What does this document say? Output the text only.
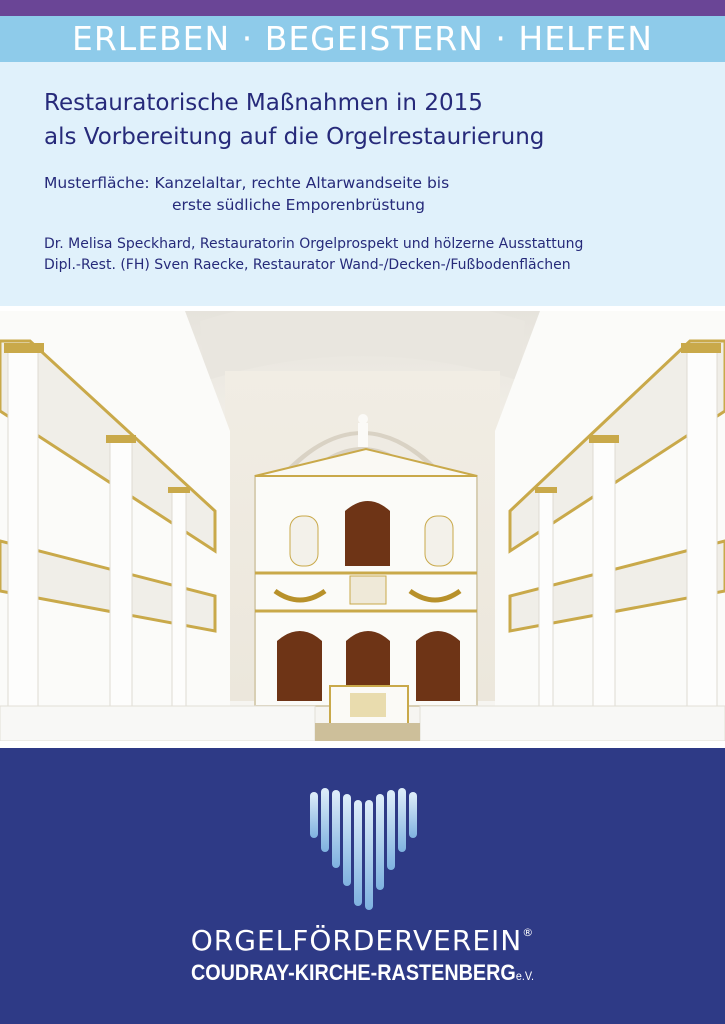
ERLEBEN · BEGEISTERN · HELFEN
Restauratorische Maßnahmen in 2015
als Vorbereitung auf die Orgelrestaurierung
Musterfläche: Kanzelaltar, rechte Altarwandseite bis
erste südliche Emporenbrüstung
Dr. Melisa Speckhard, Restauratorin Orgelprospekt und hölzerne Ausstattung
Dipl.-Rest. (FH) Sven Raecke, Restaurator Wand-/Decken-/Fußbodenflächen
ORGELFÖRDERVEREIN®
COUDRAY-KIRCHE-RASTENBERGe.V.
